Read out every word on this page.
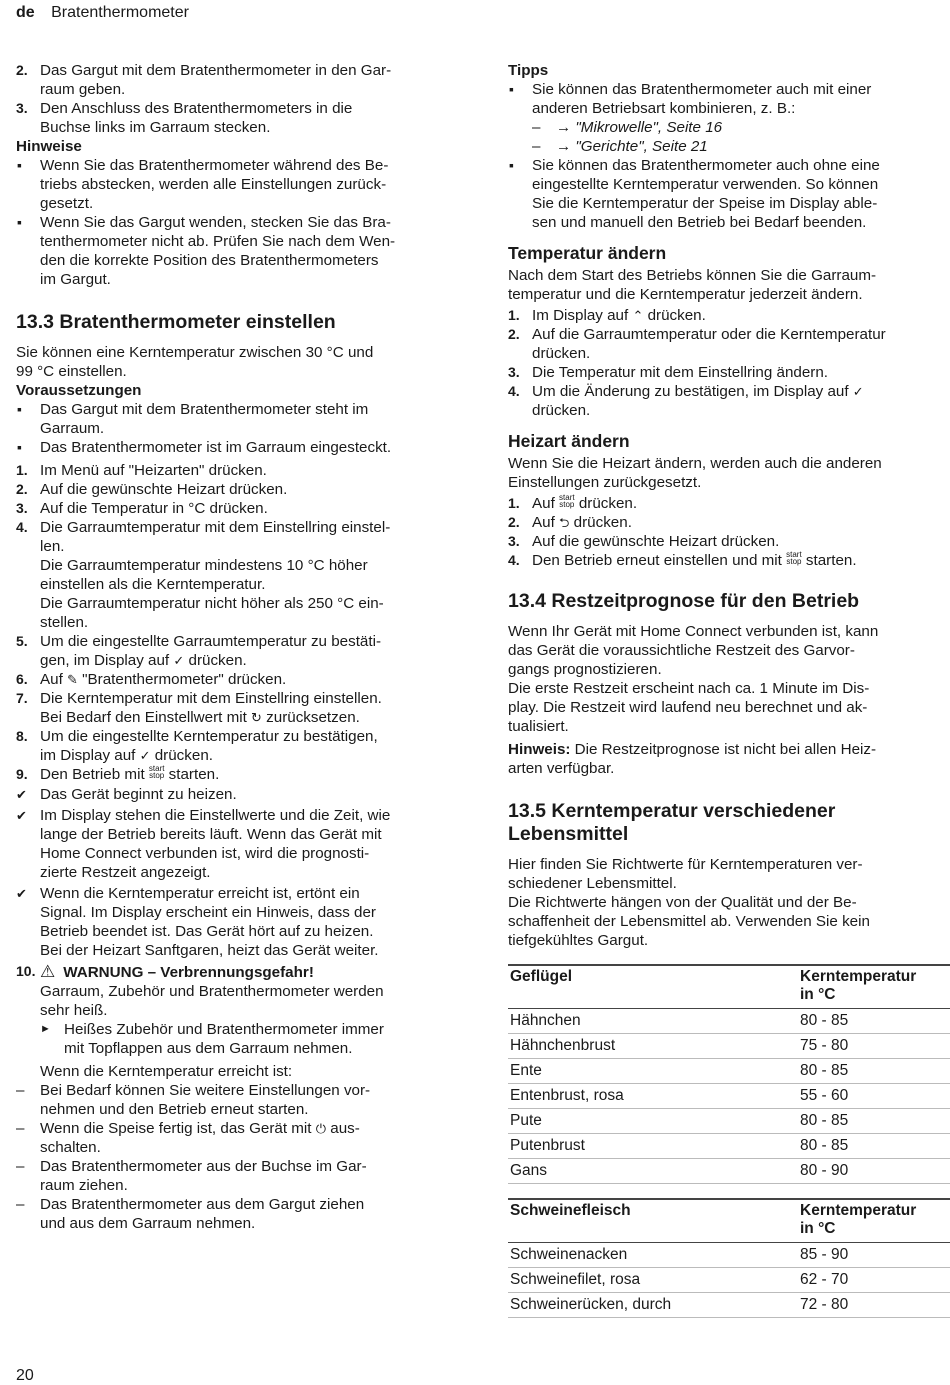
de Bratenthermometer
2. Das Gargut mit dem Bratenthermometer in den Gar-
raum geben.
3. Den Anschluss des Bratenthermometers in die
Buchse links im Garraum stecken.

Hinweise

▪ Wenn Sie das Bratenthermometer während des Be-
triebs abstecken, werden alle Einstellungen zurück-
gesetzt.
▪ Wenn Sie das Gargut wenden, stecken Sie das Bra-
tenthermometer nicht ab. Prüfen Sie nach dem Wen-
den die korrekte Position des Bratenthermometers
im Gargut.

13.3 Bratenthermometer einstellen

Sie können eine Kerntemperatur zwischen 30 °C und
99 °C einstellen.

Voraussetzungen

▪ Das Gargut mit dem Bratenthermometer steht im
Garraum.
▪ Das Bratenthermometer ist im Garraum eingesteckt.
1. Im Menü auf "Heizarten" drücken.
2. Auf die gewünschte Heizart drücken.
3. Auf die Temperatur in °C drücken.
4. Die Garraumtemperatur mit dem Einstellring einstel-
len.
Die Garraumtemperatur mindestens 10 °C höher
einstellen als die Kerntemperatur.
Die Garraumtemperatur nicht höher als 250 °C ein-
stellen.
5. Um die eingestellte Garraumtemperatur zu bestäti-
gen, im Display auf ✓ drücken.
6. Auf ✎ "Bratenthermometer" drücken.
7. Die Kerntemperatur mit dem Einstellring einstellen.
Bei Bedarf den Einstellwert mit ↻ zurücksetzen.
8. Um die eingestellte Kerntemperatur zu bestätigen,
im Display auf ✓ drücken.
9. Den Betrieb mit start
stop starten.
✔ Das Gerät beginnt zu heizen.
✔ Im Display stehen die Einstellwerte und die Zeit, wie
lange der Betrieb bereits läuft. Wenn das Gerät mit
Home Connect verbunden ist, wird die prognosti-
zierte Restzeit angezeigt.
✔ Wenn die Kerntemperatur erreicht ist, ertönt ein
Signal. Im Display erscheint ein Hinweis, dass der
Betrieb beendet ist. Das Gerät hört auf zu heizen.
Bei der Heizart Sanftgaren, heizt das Gerät weiter.
10. ⚠ WARNUNG – Verbrennungsgefahr!

Garraum, Zubehör und Bratenthermometer werden
sehr heiß.

► Heißes Zubehör und Bratenthermometer immer
mit Topflappen aus dem Garraum nehmen.

Wenn die Kerntemperatur erreicht ist:

– Bei Bedarf können Sie weitere Einstellungen vor-
nehmen und den Betrieb erneut starten.
– Wenn die Speise fertig ist, das Gerät mit ⏻ aus-
schalten.
– Das Bratenthermometer aus der Buchse im Gar-
raum ziehen.
– Das Bratenthermometer aus dem Gargut ziehen
und aus dem Garraum nehmen.

Tipps

▪ Sie können das Bratenthermometer auch mit einer
anderen Betriebsart kombinieren, z. B.:
– → "Mikrowelle", Seite 16
– → "Gerichte", Seite 21
▪ Sie können das Bratenthermometer auch ohne eine
eingestellte Kerntemperatur verwenden. So können
Sie die Kerntemperatur der Speise im Display able-
sen und manuell den Betrieb bei Bedarf beenden.

Temperatur ändern

Nach dem Start des Betriebs können Sie die Garraum-
temperatur und die Kerntemperatur jederzeit ändern.

1. Im Display auf ⌃ drücken.
2. Auf die Garraumtemperatur oder die Kerntemperatur
drücken.
3. Die Temperatur mit dem Einstellring ändern.
4. Um die Änderung zu bestätigen, im Display auf ✓
drücken.

Heizart ändern

Wenn Sie die Heizart ändern, werden auch die anderen
Einstellungen zurückgesetzt.

1. Auf start
stop drücken.
2. Auf ⮌ drücken.
3. Auf die gewünschte Heizart drücken.
4. Den Betrieb erneut einstellen und mit start
stop starten.

13.4 Restzeitprognose für den Betrieb

Wenn Ihr Gerät mit Home Connect verbunden ist, kann
das Gerät die voraussichtliche Restzeit des Garvor-
gangs prognostizieren.
Die erste Restzeit erscheint nach ca. 1 Minute im Dis-
play. Die Restzeit wird laufend neu berechnet und ak-
tualisiert.

Hinweis: Die Restzeitprognose ist nicht bei allen Heiz-
arten verfügbar.

13.5 Kerntemperatur verschiedener
Lebensmittel

Hier finden Sie Richtwerte für Kerntemperaturen ver-
schiedener Lebensmittel.
Die Richtwerte hängen von der Qualität und der Be-
schaffenheit der Lebensmittel ab. Verwenden Sie kein
tiefgekühltes Gargut.

Geflügel	Kerntemperatur
in °C
Hähnchen	80 - 85
Hähnchenbrust	75 - 80
Ente	80 - 85
Entenbrust, rosa	55 - 60
Pute	80 - 85
Putenbrust	80 - 85
Gans	80 - 90
Schweinefleisch	Kerntemperatur
in °C
Schweinenacken	85 - 90
Schweinefilet, rosa	62 - 70
Schweinerücken, durch	72 - 80
20
